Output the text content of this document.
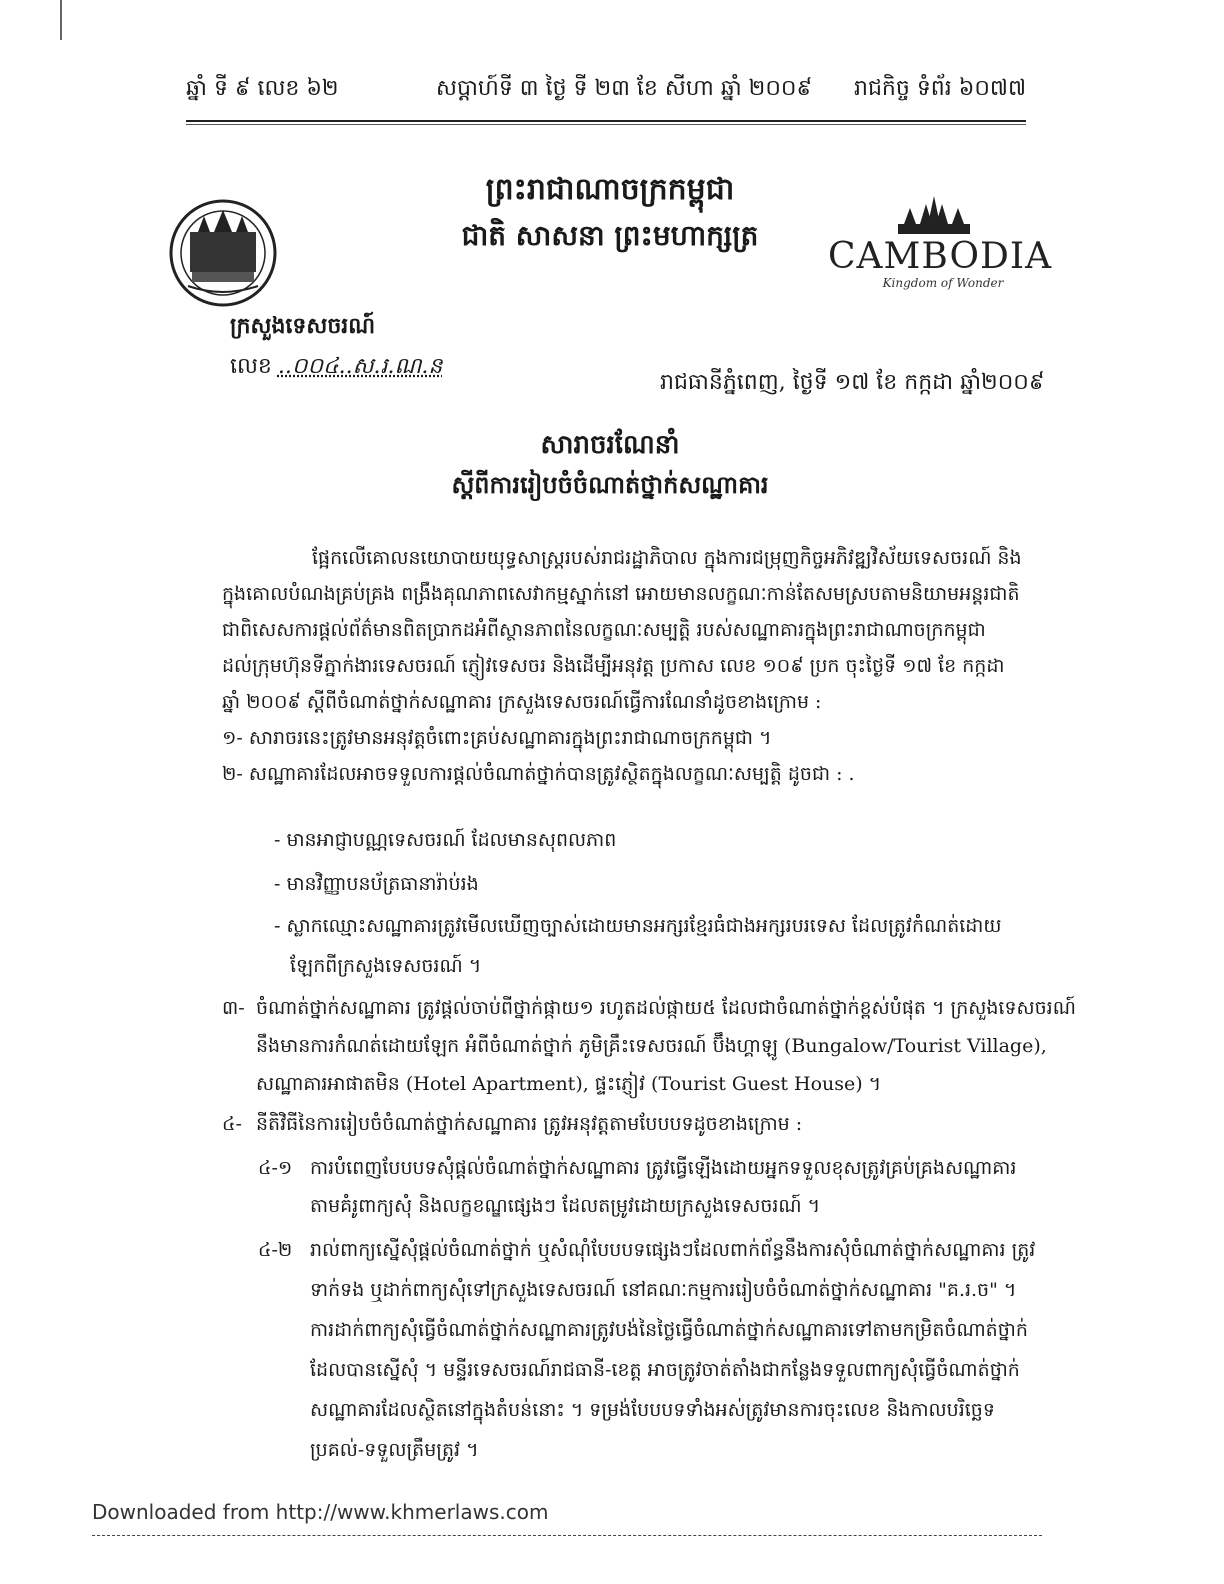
ឆ្នាំ ទី ៩ លេខ ៦២	សប្តាហ៍ទី ៣ ថ្ងៃ ទី ២៣ ខែ សីហា ឆ្នាំ ២០០៩ រាជកិច្ច ទំព័រ ៦០៧៧
ព្រះរាជាណាចក្រកម្ពុជា
ជាតិ សាសនា ព្រះមហាក្សត្រ
CAMBODIA
Kingdom of Wonder
ក្រសួងទេសចរណ៍
លេខ ..០០៤..ស.រ.ណ.ន
រាជធានីភ្នំពេញ, ថ្ងៃទី ១៧ ខែ កក្កដា ឆ្នាំ២០០៩
សារាចរណែនាំ
ស្តីពីការរៀបចំចំណាត់ថ្នាក់សណ្ឋាគារ
ផ្អែកលើគោលនយោបាយយុទ្ធសាស្ត្ររបស់រាជរដ្ឋាភិបាល ក្នុងការជម្រុញកិច្ចអភិវឌ្ឍវិស័យទេសចរណ៍ និង
ក្នុងគោលបំណងគ្រប់គ្រង ពង្រឹងគុណភាពសេវាកម្មស្នាក់នៅ អោយមានលក្ខណៈកាន់តែសមស្របតាមនិយាមអន្តរជាតិ
ជាពិសេសការផ្តល់ព័ត៌មានពិតប្រាកដអំពីស្ថានភាពនៃលក្ខណៈសម្បត្តិ របស់សណ្ឋាគារក្នុងព្រះរាជាណាចក្រកម្ពុជា
ដល់ក្រុមហ៊ុនទីភ្នាក់ងារទេសចរណ៍ ភ្ញៀវទេសចរ និងដើម្បីអនុវត្ត ប្រកាស លេខ ១០៩ ប្រក ចុះថ្ងៃទី ១៧ ខែ កក្កដា
ឆ្នាំ ២០០៩ ស្តីពីចំណាត់ថ្នាក់សណ្ឋាគារ ក្រសួងទេសចរណ៍ធ្វើការណែនាំដូចខាងក្រោម :
១- សារាចរនេះត្រូវមានអនុវត្តចំពោះគ្រប់សណ្ឋាគារក្នុងព្រះរាជាណាចក្រកម្ពុជា ។
២- សណ្ឋាគារដែលអាចទទួលការផ្តល់ចំណាត់ថ្នាក់បានត្រូវស្ថិតក្នុងលក្ខណៈសម្បត្តិ ដូចជា : .
- មានអាជ្ញាបណ្ណទេសចរណ៍ ដែលមានសុពលភាព
- មានវិញ្ញាបនប័ត្រធានារ៉ាប់រង
- ស្លាកឈ្មោះសណ្ឋាគារត្រូវមើលឃើញច្បាស់ដោយមានអក្សរខ្មែរធំជាងអក្សរបរទេស ដែលត្រូវកំណត់ដោយ
ឡែកពីក្រសួងទេសចរណ៍ ។
៣- ចំណាត់ថ្នាក់សណ្ឋាគារ ត្រូវផ្តល់ចាប់ពីថ្នាក់ផ្កាយ១ រហូតដល់ផ្កាយ៥ ដែលជាចំណាត់ថ្នាក់ខ្ពស់បំផុត ។ ក្រសួងទេសចរណ៍
នឹងមានការកំណត់ដោយឡែក អំពីចំណាត់ថ្នាក់ ភូមិគ្រឹះទេសចរណ៍ ប៊ឹងហ្គាឡូ (Bungalow/Tourist Village),
សណ្ឋាគារអាផាតមិន (Hotel Apartment), ផ្ទះភ្ញៀវ (Tourist Guest House) ។
៤- នីតិវិធីនៃការរៀបចំចំណាត់ថ្នាក់សណ្ឋាគារ ត្រូវអនុវត្តតាមបែបបទដូចខាងក្រោម :
៤-១ ការបំពេញបែបបទសុំផ្តល់ចំណាត់ថ្នាក់សណ្ឋាគារ ត្រូវធ្វើឡើងដោយអ្នកទទួលខុសត្រូវគ្រប់គ្រងសណ្ឋាគារ
តាមគំរូពាក្យសុំ និងលក្ខខណ្ឌផ្សេងៗ ដែលតម្រូវដោយក្រសួងទេសចរណ៍ ។
៤-២ រាល់ពាក្យស្នើសុំផ្តល់ចំណាត់ថ្នាក់ ឬសំណុំបែបបទផ្សេងៗដែលពាក់ព័ន្ធនឹងការសុំចំណាត់ថ្នាក់សណ្ឋាគារ ត្រូវ
ទាក់ទង ឬដាក់ពាក្យសុំទៅក្រសួងទេសចរណ៍ នៅគណៈកម្មការរៀបចំចំណាត់ថ្នាក់សណ្ឋាគារ "គ.រ.ច" ។
ការដាក់ពាក្យសុំធ្វើចំណាត់ថ្នាក់សណ្ឋាគារត្រូវបង់នៃថ្លៃធ្វើចំណាត់ថ្នាក់សណ្ឋាគារទៅតាមកម្រិតចំណាត់ថ្នាក់
ដែលបានស្នើសុំ ។ មន្ទីរទេសចរណ៍រាជធានី-ខេត្ត អាចត្រូវចាត់តាំងជាកន្លែងទទួលពាក្យសុំធ្វើចំណាត់ថ្នាក់
សណ្ឋាគារដែលស្ថិតនៅក្នុងតំបន់នោះ ។ ទម្រង់បែបបទទាំងអស់ត្រូវមានការចុះលេខ និងកាលបរិច្ឆេទ
ប្រគល់-ទទួលត្រឹមត្រូវ ។
Downloaded from http://www.khmerlaws.com
